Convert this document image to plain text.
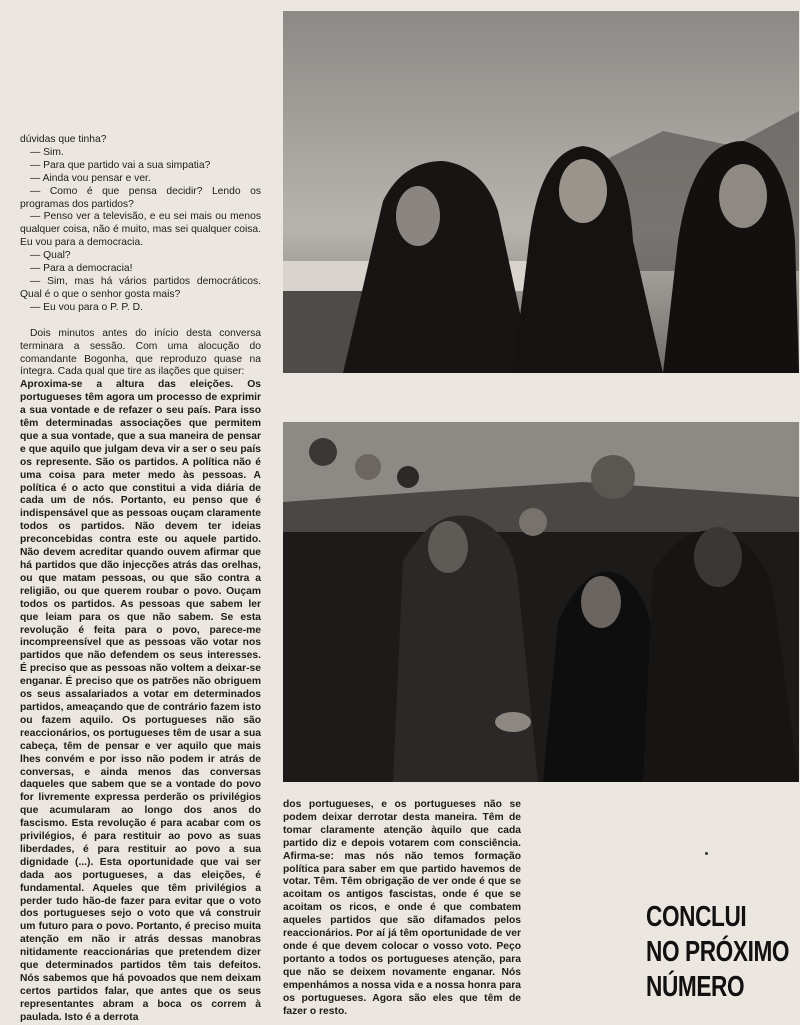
dúvidas que tinha?

— Sim.

— Para que partido vai a sua simpatia?

— Ainda vou pensar e ver.

— Como é que pensa decidir? Lendo os programas dos partidos?

— Penso ver a televisão, e eu sei mais ou menos qualquer coisa, não é muito, mas sei qualquer coisa. Eu vou para a democracia.

— Qual?

— Para a democracia!

— Sim, mas há vários partidos democráticos. Qual é o que o senhor gosta mais?

— Eu vou para o P. P. D.

Dois minutos antes do início desta conversa terminara a sessão. Com uma alocução do comandante Bogonha, que reproduzo quase na íntegra. Cada qual que tire as ilações que quiser:

Aproxima-se a altura das eleições. Os portugueses têm agora um processo de exprimir a sua vontade e de refazer o seu país. Para isso têm determinadas associações que permitem que a sua vontade, que a sua maneira de pensar e que aquilo que julgam deva vir a ser o seu país os represente. São os partidos. A política não é uma coisa para meter medo às pessoas. A política é o acto que constitui a vida diária de cada um de nós. Portanto, eu penso que é indispensável que as pessoas ouçam claramente todos os partidos. Não devem ter ideias preconcebidas contra este ou aquele partido. Não devem acreditar quando ouvem afirmar que há partidos que dão injecções atrás das orelhas, ou que matam pessoas, ou que são contra a religião, ou que querem roubar o povo. Ouçam todos os partidos. As pessoas que sabem ler que leiam para os que não sabem. Se esta revolução é feita para o povo, parece-me incompreensível que as pessoas vão votar nos partidos que não defendem os seus interesses. É preciso que as pessoas não voltem a deixar-se enganar. É preciso que os patrões não obriguem os seus assalariados a votar em determinados partidos, ameaçando que de contrário fazem isto ou fazem aquilo. Os portugueses não são reaccionários, os portugueses têm de usar a sua cabeça, têm de pensar e ver aquilo que mais lhes convém e por isso não podem ir atrás de conversas, e ainda menos das conversas daqueles que sabem que se a vontade do povo for livremente expressa perderão os privilégios que acumularam ao longo dos anos do fascismo. Esta revolução é para acabar com os privilégios, é para restituir ao povo as suas liberdades, é para restituir ao povo a sua dignidade (...). Esta oportunidade que vai ser dada aos portugueses, a das eleições, é fundamental. Aqueles que têm privilégios a perder tudo hão-de fazer para evitar que o voto dos portugueses sejo o voto que vá construir um futuro para o povo. Portanto, é preciso muita atenção em não ir atrás dessas manobras nitidamente reaccionárias que pretendem dizer que determinados partidos têm tais defeitos. Nós sabemos que há povoados que nem deixam certos partidos falar, que antes que os seus representantes abram a boca os correm à paulada. Isto é a derrota

dos portugueses, e os portugueses não se podem deixar derrotar desta maneira. Têm de tomar claramente atenção àquilo que cada partido diz e depois votarem com consciência. Afirma-se: mas nós não temos formação política para saber em que partido havemos de votar. Têm. Têm obrigação de ver onde é que se acoitam os antigos fascistas, onde é que se acoitam os ricos, e onde é que combatem aqueles partidos que são difamados pelos reaccionários. Por aí já têm oportunidade de ver onde é que devem colocar o vosso voto. Peço portanto a todos os portugueses atenção, para que não se deixem novamente enganar. Nós empenhámos a nossa vida e a nossa honra para os portugueses. Agora são eles que têm de fazer o resto.

CONCLUI
NO PRÓXIMO
NÚMERO
